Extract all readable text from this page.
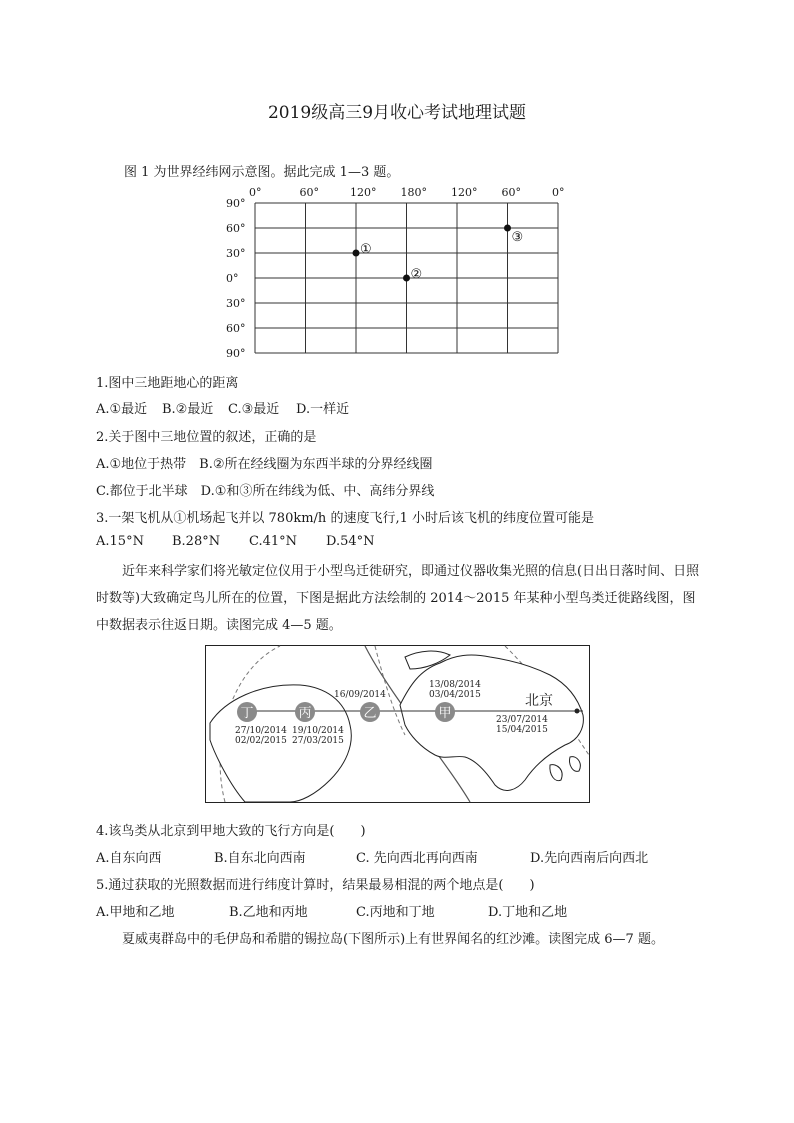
2019级高三9月收心考试地理试题
图 1 为世界经纬网示意图。据此完成 1—3 题。
0°	60°	120° 180° 120° 60°	0°
90°
60°
30°
0°
30°
60°
90°
①
②
③
1.图中三地距地心的距离
A.①最近 B.②最近 C.③最近 D.一样近
2.关于图中三地位置的叙述，正确的是
A.①地位于热带　B.②所在经线圈为东西半球的分界经线圈
C.都位于北半球　D.①和③所在纬线为低、中、高纬分界线
3.一架飞机从①机场起飞并以 780km/h 的速度飞行,1 小时后该飞机的纬度位置可能是
A.15°N B.28°N C.41°N D.54°N
近年来科学家们将光敏定位仪用于小型鸟迁徙研究，即通过仪器收集光照的信息(日出日落时间、日照时数等)大致确定鸟儿所在的位置，下图是据此方法绘制的 2014～2015 年某种小型鸟类迁徙路线图，图中数据表示往返日期。读图完成 4—5 题。
丁
27/10/2014
02/02/2015
丙
19/10/2014
27/03/2015
乙
16/09/2014
甲
13/08/2014
03/04/2015	北京
23/07/2014
15/04/2015
4.该鸟类从北京到甲地大致的飞行方向是(　　)
A.自东向西	B.自东北向西南	C. 先向西北再向西南	D.先向西南后向西北
5.通过获取的光照数据而进行纬度计算时，结果最易相混的两个地点是(　　)
A.甲地和乙地	B.乙地和丙地	C.丙地和丁地	D.丁地和乙地
夏威夷群岛中的毛伊岛和希腊的锡拉岛(下图所示)上有世界闻名的红沙滩。读图完成 6—7 题。
